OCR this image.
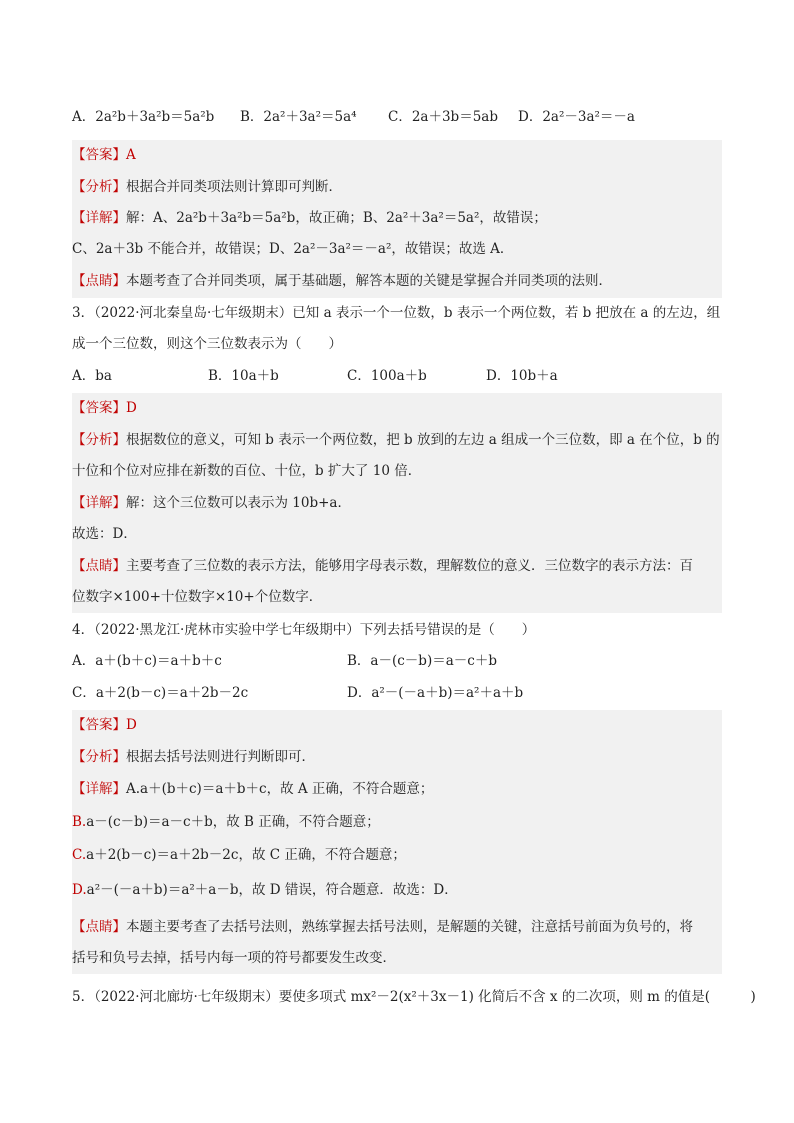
A．2a²b＋3a²b＝5a²b B．2a²＋3a²＝5a⁴ C．2a＋3b＝5ab D．2a²－3a²＝－a
【答案】A
【分析】根据合并同类项法则计算即可判断．
【详解】解：A、2a²b＋3a²b＝5a²b，故正确；B、2a²＋3a²＝5a²，故错误；
C、2a＋3b 不能合并，故错误；D、2a²－3a²＝－a²，故错误；故选 A．
【点睛】本题考查了合并同类项，属于基础题，解答本题的关键是掌握合并同类项的法则．
3．（2022·河北秦皇岛·七年级期末）已知 a 表示一个一位数，b 表示一个两位数，若 b 把放在 a 的左边，组
成一个三位数，则这个三位数表示为（　　）
A．ba	B．10a＋b	C．100a＋b	D．10b＋a
【答案】D
【分析】根据数位的意义，可知 b 表示一个两位数，把 b 放到的左边 a 组成一个三位数，即 a 在个位，b 的
十位和个位对应排在新数的百位、十位，b 扩大了 10 倍．
【详解】解：这个三位数可以表示为 10b+a．
故选：D．
【点睛】主要考查了三位数的表示方法，能够用字母表示数，理解数位的意义．三位数字的表示方法：百
位数字×100+十位数字×10+个位数字．
4．（2022·黑龙江·虎林市实验中学七年级期中）下列去括号错误的是（　　）
A．a＋(b＋c)＝a＋b＋c	B．a－(c－b)＝a－c＋b
C．a＋2(b－c)＝a＋2b－2c	D．a²－(－a＋b)＝a²＋a＋b
【答案】D
【分析】根据去括号法则进行判断即可．
【详解】A.a＋(b＋c)＝a＋b＋c，故 A 正确，不符合题意；
B.a－(c－b)＝a－c＋b，故 B 正确，不符合题意；
C.a＋2(b－c)＝a＋2b－2c，故 C 正确，不符合题意；
D.a²－(－a＋b)＝a²＋a－b，故 D 错误，符合题意．故选：D．
【点睛】本题主要考查了去括号法则，熟练掌握去括号法则，是解题的关键，注意括号前面为负号的，将
括号和负号去掉，括号内每一项的符号都要发生改变．
5．（2022·河北廊坊·七年级期末）要使多项式 mx²－2(x²＋3x－1) 化简后不含 x 的二次项，则 m 的值是(　　　)
